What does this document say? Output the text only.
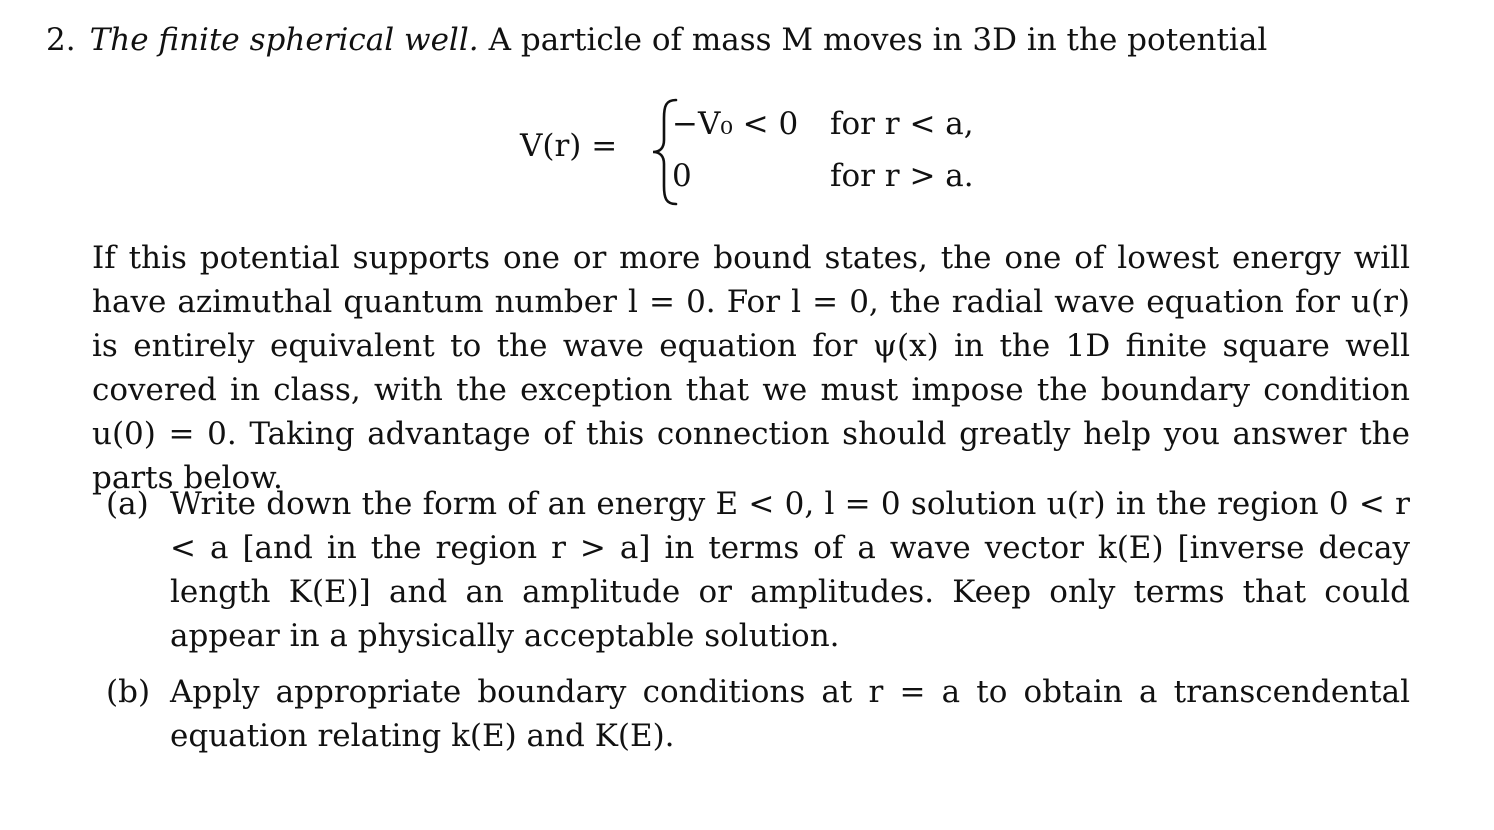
2. The finite spherical well. A particle of mass M moves in 3D in the potential
V(r) =
−V₀ < 0 for r < a,
0	for r > a.

If this potential supports one or more bound states, the one of lowest energy will have azimuthal quantum number l = 0. For l = 0, the radial wave equation for u(r) is entirely equivalent to the wave equation for ψ(x) in the 1D finite square well covered in class, with the exception that we must impose the boundary condition u(0) = 0. Taking advantage of this connection should greatly help you answer the parts below.

(a) Write down the form of an energy E < 0, l = 0 solution u(r) in the region 0 < r < a [and in the region r > a] in terms of a wave vector k(E) [inverse decay length K(E)] and an amplitude or amplitudes. Keep only terms that could appear in a physically acceptable solution.

(b) Apply appropriate boundary conditions at r = a to obtain a transcendental equation relating k(E) and K(E).
